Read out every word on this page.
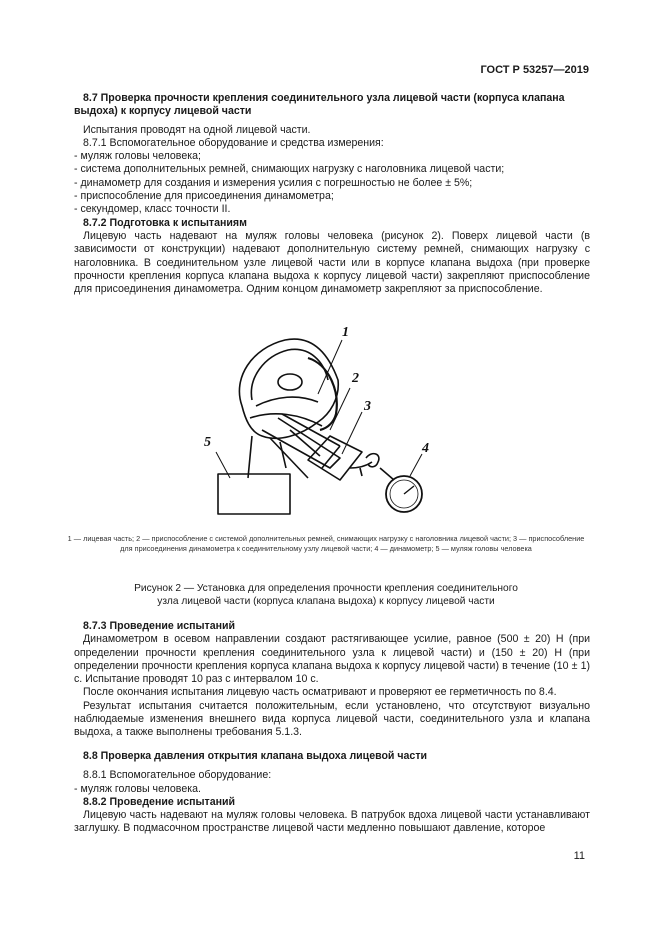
ГОСТ Р 53257—2019

8.7 Проверка прочности крепления соединительного узла лицевой части (корпуса клапана выдоха) к корпусу лицевой части

Испытания проводят на одной лицевой части.

8.7.1 Вспомогательное оборудование и средства измерения:

- муляж головы человека;

- система дополнительных ремней, снимающих нагрузку с наголовника лицевой части;

- динамометр для создания и измерения усилия с погрешностью не более ± 5%;

- приспособление для присоединения динамометра;

- секундомер, класс точности II.

8.7.2 Подготовка к испытаниям

Лицевую часть надевают на муляж головы человека (рисунок 2). Поверх лицевой части (в зависимости от конструкции) надевают дополнительную систему ремней, снимающих нагрузку с наголовника. В соединительном узле лицевой части или в корпусе клапана выдоха (при проверке прочности крепления корпуса клапана выдоха к корпусу лицевой части) закрепляют приспособление для присоединения динамометра. Одним концом динамометр закрепляют за приспособление.

1
2
3
4
5
1 — лицевая часть; 2 — приспособление с системой дополнительных ремней, снимающих нагрузку с наголовника лицевой части; 3 — приспособление для присоединения динамометра к соединительному узлу лицевой части; 4 — динамометр; 5 — муляж головы человека

Рисунок 2 — Установка для определения прочности крепления соединительного

узла лицевой части (корпуса клапана выдоха) к корпусу лицевой части

8.7.3 Проведение испытаний

Динамометром в осевом направлении создают растягивающее усилие, равное (500 ± 20) Н (при определении прочности крепления соединительного узла к лицевой части) и (150 ± 20) Н (при определении прочности крепления корпуса клапана выдоха к корпусу лицевой части) в течение (10 ± 1) с. Испытание проводят 10 раз с интервалом 10 с.

После окончания испытания лицевую часть осматривают и проверяют ее герметичность по 8.4.

Результат испытания считается положительным, если установлено, что отсутствуют визуально наблюдаемые изменения внешнего вида корпуса лицевой части, соединительного узла и клапана выдоха, а также выполнены требования 5.1.3.

8.8 Проверка давления открытия клапана выдоха лицевой части

8.8.1 Вспомогательное оборудование:

- муляж головы человека.

8.8.2 Проведение испытаний

Лицевую часть надевают на муляж головы человека. В патрубок вдоха лицевой части устанавливают заглушку. В подмасочном пространстве лицевой части медленно повышают давление, которое

11
